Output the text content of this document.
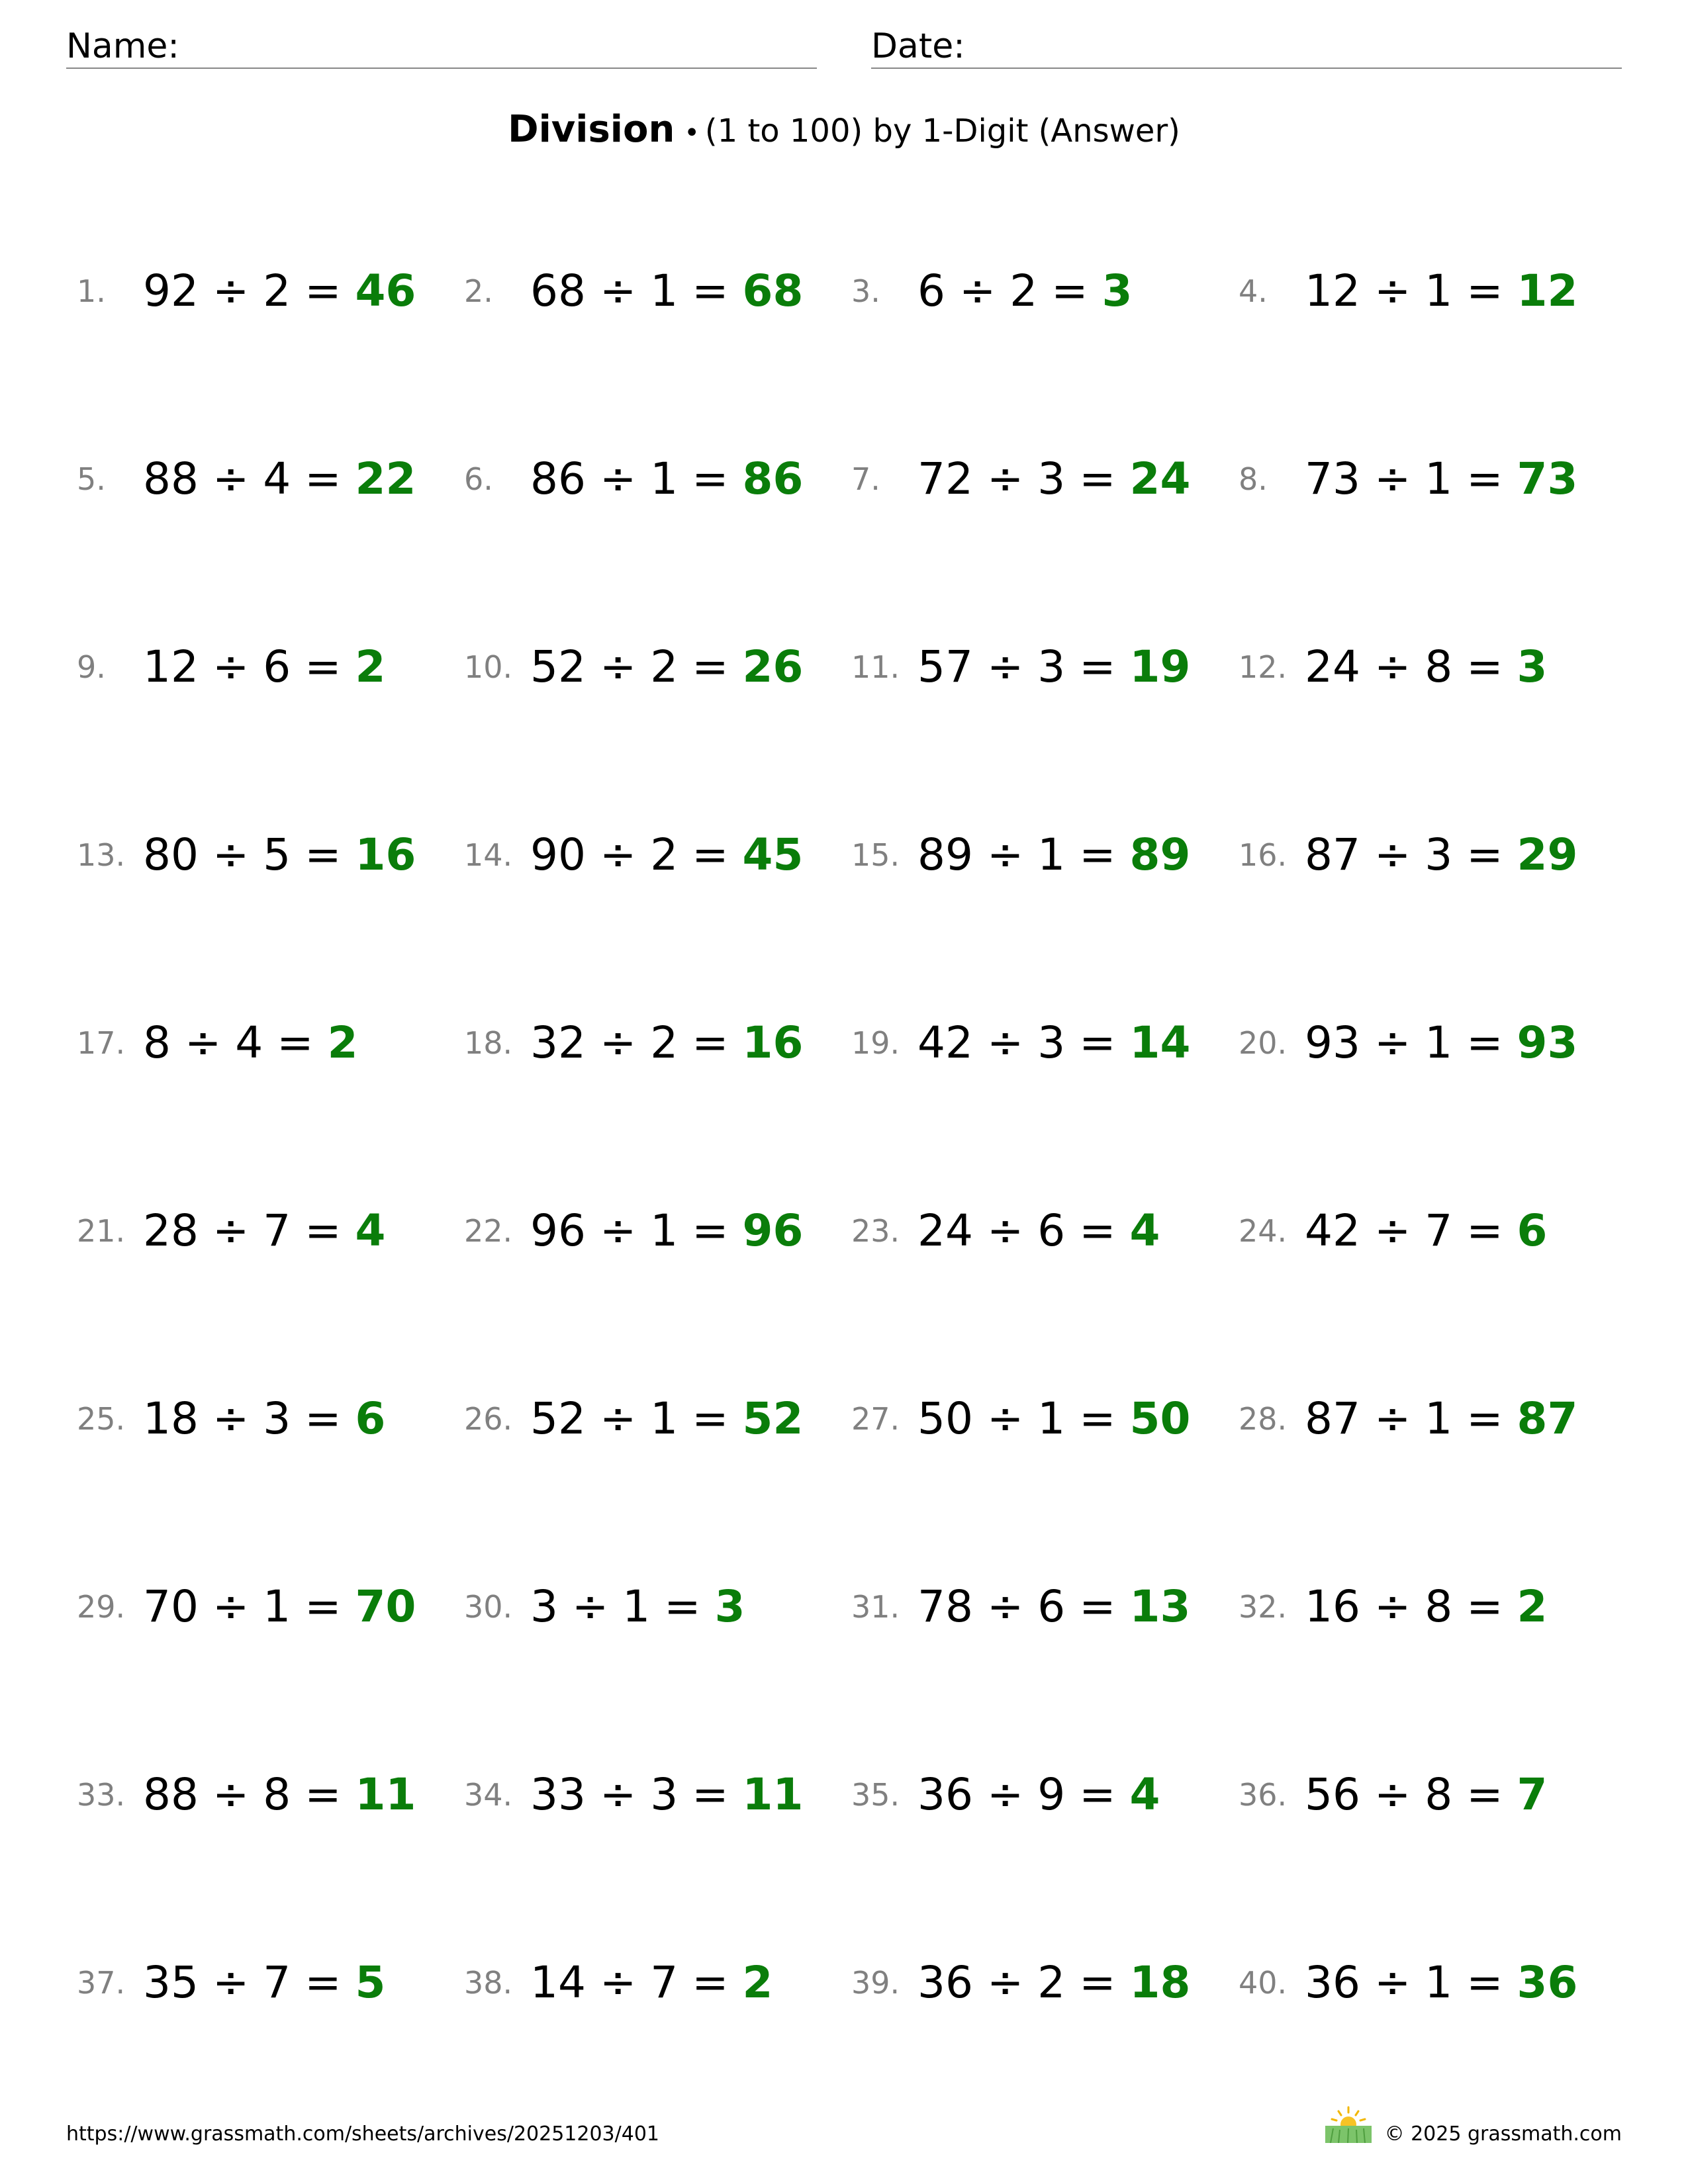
Name:	Date:
Division • (1 to 100) by 1-Digit (Answer)
1. 92 ÷ 2 = 46 2. 68 ÷ 1 = 68 3. 6 ÷ 2 = 3	4. 12 ÷ 1 = 12
5. 88 ÷ 4 = 22 6. 86 ÷ 1 = 86 7. 72 ÷ 3 = 24 8. 73 ÷ 1 = 73
9. 12 ÷ 6 = 2	10. 52 ÷ 2 = 26 11. 57 ÷ 3 = 19 12. 24 ÷ 8 = 3
13. 80 ÷ 5 = 16 14. 90 ÷ 2 = 45 15. 89 ÷ 1 = 89 16. 87 ÷ 3 = 29
17. 8 ÷ 4 = 2	18. 32 ÷ 2 = 16 19. 42 ÷ 3 = 14 20. 93 ÷ 1 = 93
21. 28 ÷ 7 = 4	22. 96 ÷ 1 = 96 23. 24 ÷ 6 = 4	24. 42 ÷ 7 = 6
25. 18 ÷ 3 = 6	26. 52 ÷ 1 = 52 27. 50 ÷ 1 = 50 28. 87 ÷ 1 = 87
29. 70 ÷ 1 = 70 30. 3 ÷ 1 = 3	31. 78 ÷ 6 = 13 32. 16 ÷ 8 = 2
33. 88 ÷ 8 = 11 34. 33 ÷ 3 = 11 35. 36 ÷ 9 = 4	36. 56 ÷ 8 = 7
37. 35 ÷ 7 = 5	38. 14 ÷ 7 = 2	39. 36 ÷ 2 = 18 40. 36 ÷ 1 = 36
https://www.grassmath.com/sheets/archives/20251203/401	© 2025 grassmath.com
